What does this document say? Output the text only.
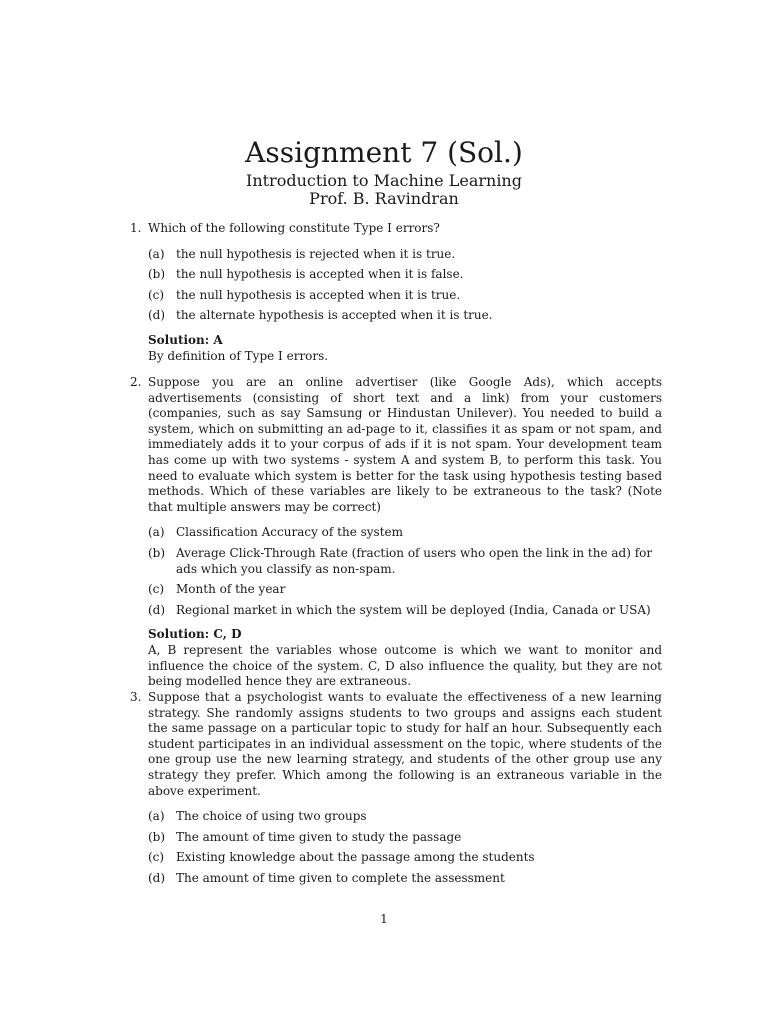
Assignment 7 (Sol.)
Introduction to Machine Learning
Prof. B. Ravindran
1. Which of the following constitute Type I errors?
(a) the null hypothesis is rejected when it is true.
(b) the null hypothesis is accepted when it is false.
(c) the null hypothesis is accepted when it is true.
(d) the alternate hypothesis is accepted when it is true.
Solution: A
By definition of Type I errors.
2. Suppose you are an online advertiser (like Google Ads), which accepts advertisements (consisting of short text and a link) from your customers (companies, such as say Samsung or Hindustan Unilever). You needed to build a system, which on submitting an ad-page to it, classifies it as spam or not spam, and immediately adds it to your corpus of ads if it is not spam. Your development team has come up with two systems - system A and system B, to perform this task. You need to evaluate which system is better for the task using hypothesis testing based methods. Which of these variables are likely to be extraneous to the task? (Note that multiple answers may be correct)
(a) Classification Accuracy of the system
(b) Average Click-Through Rate (fraction of users who open the link in the ad) for ads which you classify as non-spam.
(c) Month of the year
(d) Regional market in which the system will be deployed (India, Canada or USA)
Solution: C, D
A, B represent the variables whose outcome is which we want to monitor and influence the choice of the system. C, D also influence the quality, but they are not being modelled hence they are extraneous.
3. Suppose that a psychologist wants to evaluate the effectiveness of a new learning strategy. She randomly assigns students to two groups and assigns each student the same passage on a particular topic to study for half an hour. Subsequently each student participates in an individual assessment on the topic, where students of the one group use the new learning strategy, and students of the other group use any strategy they prefer. Which among the following is an extraneous variable in the above experiment.
(a) The choice of using two groups
(b) The amount of time given to study the passage
(c) Existing knowledge about the passage among the students
(d) The amount of time given to complete the assessment
1
